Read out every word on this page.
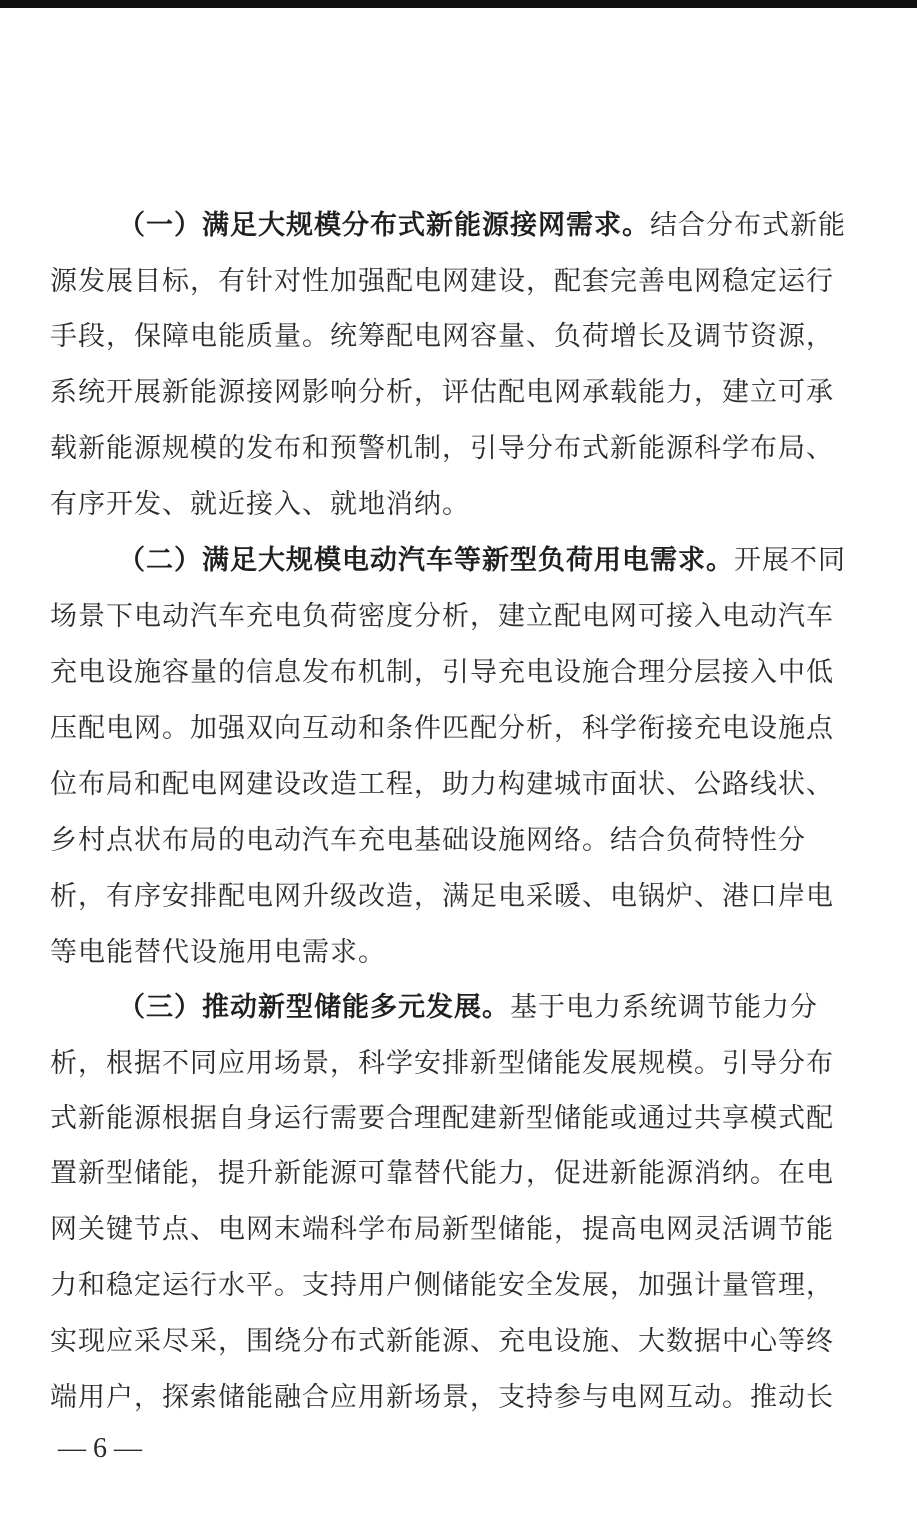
（一）满足大规模分布式新能源接网需求。结合分布式新能

源发展目标，有针对性加强配电网建设，配套完善电网稳定运行

手段，保障电能质量。统筹配电网容量、负荷增长及调节资源，

系统开展新能源接网影响分析，评估配电网承载能力，建立可承

载新能源规模的发布和预警机制，引导分布式新能源科学布局、

有序开发、就近接入、就地消纳。

（二）满足大规模电动汽车等新型负荷用电需求。开展不同

场景下电动汽车充电负荷密度分析，建立配电网可接入电动汽车

充电设施容量的信息发布机制，引导充电设施合理分层接入中低

压配电网。加强双向互动和条件匹配分析，科学衔接充电设施点

位布局和配电网建设改造工程，助力构建城市面状、公路线状、

乡村点状布局的电动汽车充电基础设施网络。结合负荷特性分

析，有序安排配电网升级改造，满足电采暖、电锅炉、港口岸电

等电能替代设施用电需求。

（三）推动新型储能多元发展。基于电力系统调节能力分

析，根据不同应用场景，科学安排新型储能发展规模。引导分布

式新能源根据自身运行需要合理配建新型储能或通过共享模式配

置新型储能，提升新能源可靠替代能力，促进新能源消纳。在电

网关键节点、电网末端科学布局新型储能，提高电网灵活调节能

力和稳定运行水平。支持用户侧储能安全发展，加强计量管理，

实现应采尽采，围绕分布式新能源、充电设施、大数据中心等终

端用户，探索储能融合应用新场景，支持参与电网互动。推动长

— 6 —
